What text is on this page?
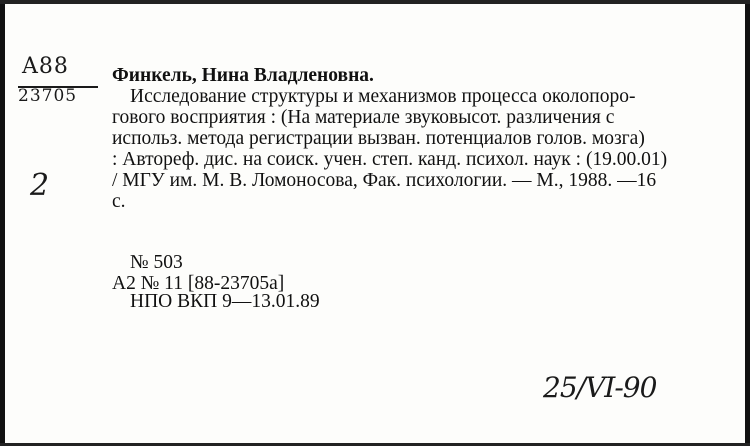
A88
23705
2
Финкель, Нина Владленовна.
Исследование структуры и механизмов процесса околопоро-
гового восприятия : (На материале звуковысот. различения с
использ. метода регистрации вызван. потенциалов голов. мозга)
: Автореф. дис. на соиск. учен. степ. канд. психол. наук : (19.00.01)
/ МГУ им. М. В. Ломоносова, Фак. психологии. — М., 1988. —16
с.
№ 503
А2 № 11 [88-23705а]
НПО ВКП 9—13.01.89
25/VI-90
